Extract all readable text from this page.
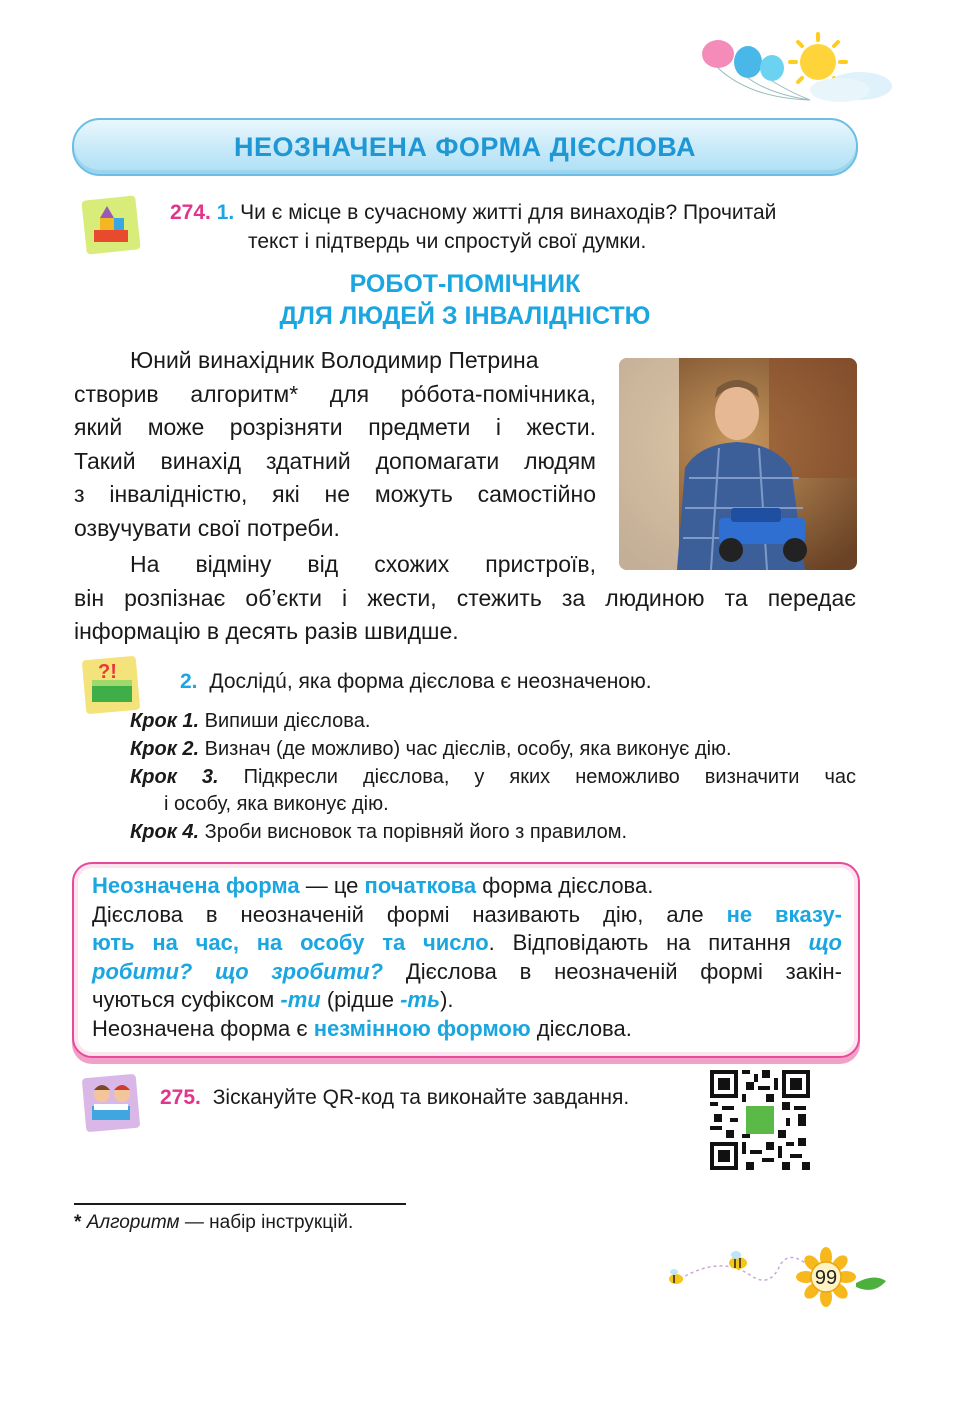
НЕОЗНАЧЕНА ФОРМА ДІЄСЛОВА
274. 1. Чи є місце в сучасному житті для винаходів? Прочитай
текст і підтвердь чи спростуй свої думки.
РОБОТ-ПОМІЧНИК
ДЛЯ ЛЮДЕЙ З ІНВАЛІДНІСТЮ
Юний винахідник Володимир Петрина
створив алгоритм* для ро́бота-помічника,
який може розрізняти предмети і жести.
Такий винахід здатний допомагати людям
з інвалідністю, які не можуть самостійно
озвучувати свої потреби.
На відміну від схожих пристроїв,
він розпізнає об’єкти і жести, стежить за людиною та передає
інформацію в десять разів швидше.
?!	2. Дослідú, яка форма дієслова є неозначеною.
Крок 1. Випиши дієслова.
Крок 2. Визнач (де можливо) час дієслів, особу, яка виконує дію.
Крок 3. Підкресли дієслова, у яких неможливо визначити час
і особу, яка виконує дію.
Крок 4. Зроби висновок та порівняй його з правилом.
Неозначена форма — це початкова форма дієслова.
Дієслова в неозначеній формі називають дію, але не вказу-
ють на час, на особу та число. Відповідають на питання що
робити? що зробити? Дієслова в неозначеній формі закін-
чуються суфіксом -ти (рідше -ть).
Неозначена форма є незмінною формою дієслова.
275. Зіскануйте QR-код та виконайте завдання.
* Алгоритм — набір інструкцій.
99
